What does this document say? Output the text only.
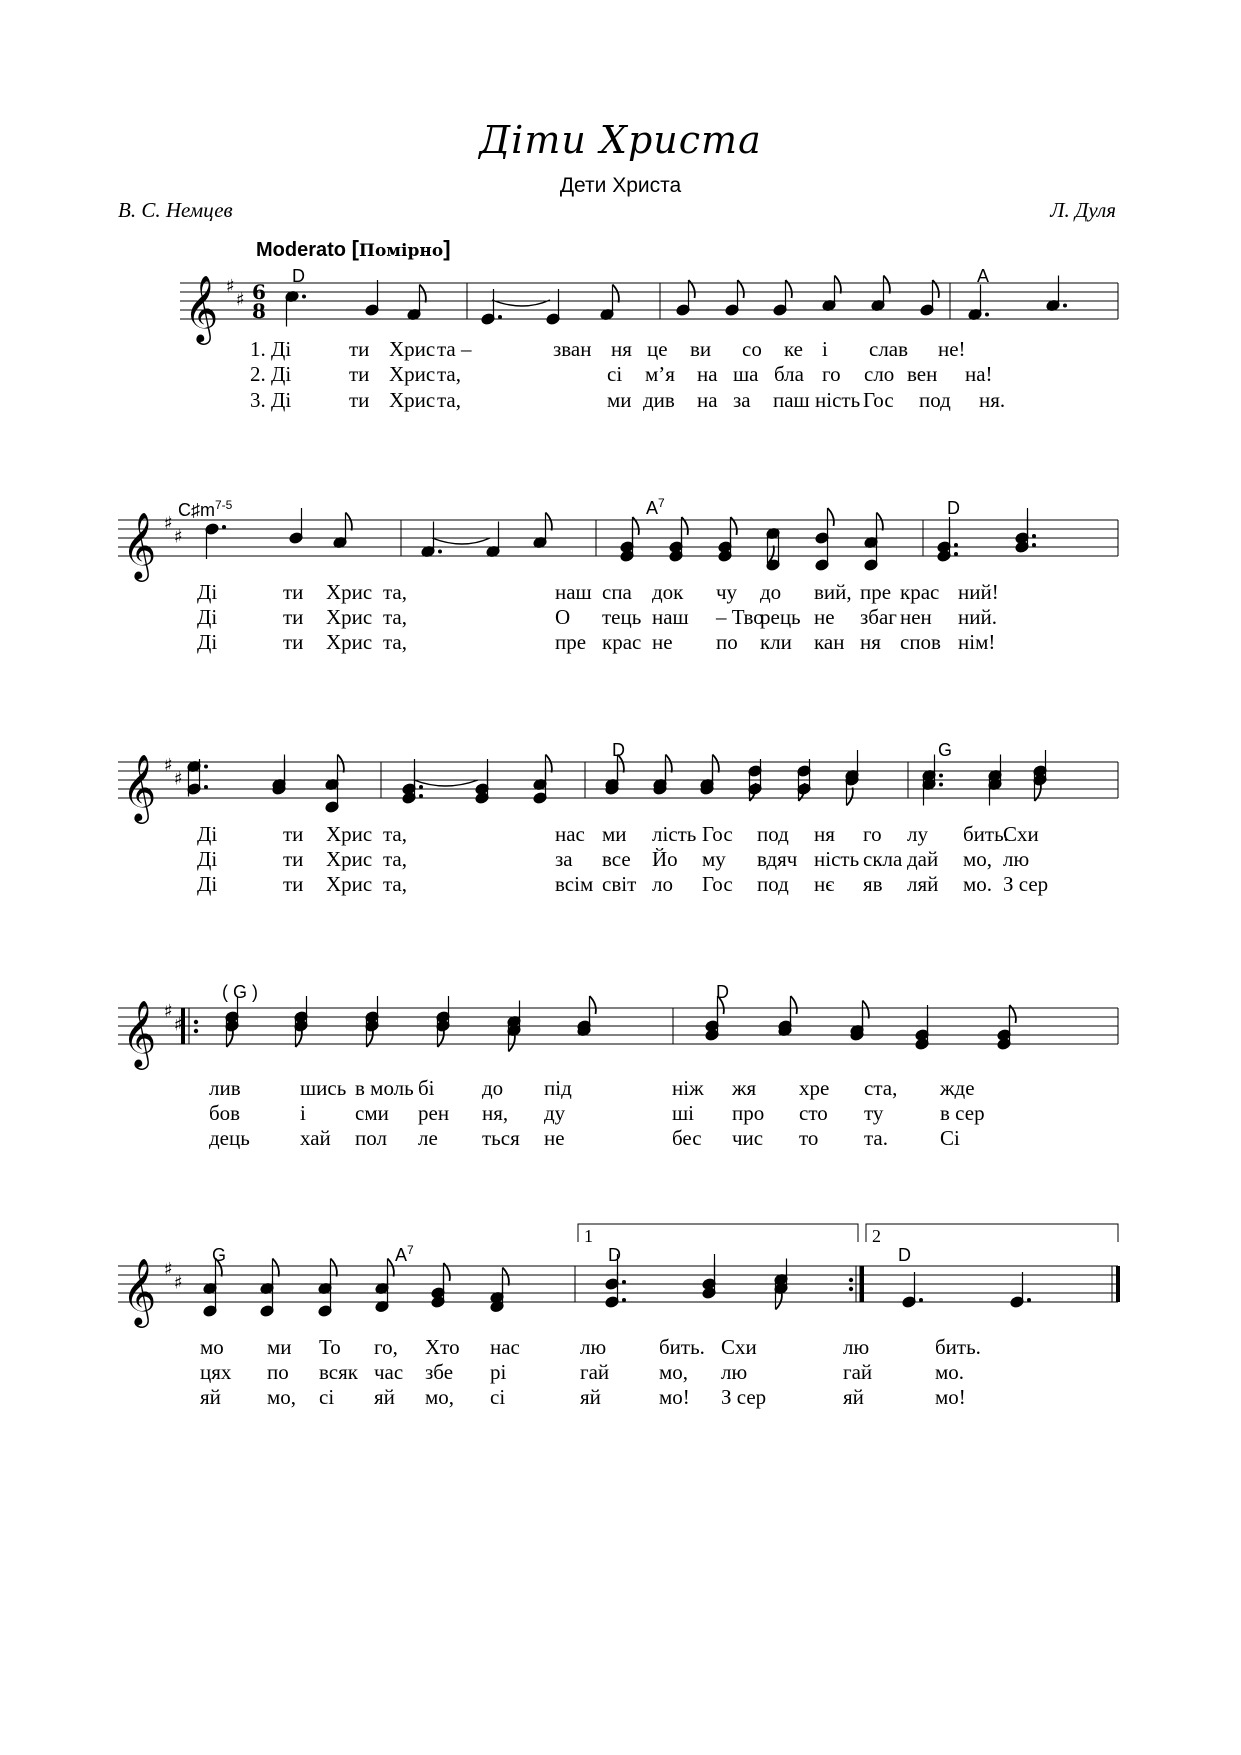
Діти Христа
Дети Христа
В. С. Немцев	Л. Дуля
Moderato [Помірно]
D	A
$C♯m^{7-5}$	$A^7$	D
D	G
( G )	D
G	$A^7$	D	D
1	2
𝄞 ♯
♯
𝄞 ♯
♯
𝄞 ♯
♯
𝄞 ♯
♯
𝄞 ♯
♯
6
8
1. Ді	ти Хрис та –	зван ня це ви со ке і слав не!
2. Ді	ти Хрис та,	сі м’я на ша бла го сло вен на!
3. Ді	ти Хрис та,	ми див на за паш ність Гос под ня.
Ді	ти Хрис та,	наш спа док чу до вий, пре крас ний!
Ді	ти Хрис та,	О тець наш – Тво
рець не збаг нен ний.
Ді	ти Хрис та,	пре крас не по кли кан ня спов нім!
Ді	ти Хрис та,	нас ми лість Гос под ня го лу бить.
Схи
Ді	ти Хрис та,	за все Йо му вдяч ність скла дай мо, лю
Ді	ти Хрис та,	всім світ ло Гос под нє яв ляй мо. З сер
лив	шись в моль бі до під	ніж жя хре ста, жде
бов	і сми рен ня, ду	ші про сто ту	в сер
дець хай пол ле ться не	бес чис то та. Сі
мо ми То го, Хто нас	лю	бить. Схи	лю	бить.
цях по всяк час збе рі	гай мо, лю	гай	мо.
яй мо, сі яй мо, сі	яй	мо! З сер	яй	мо!
